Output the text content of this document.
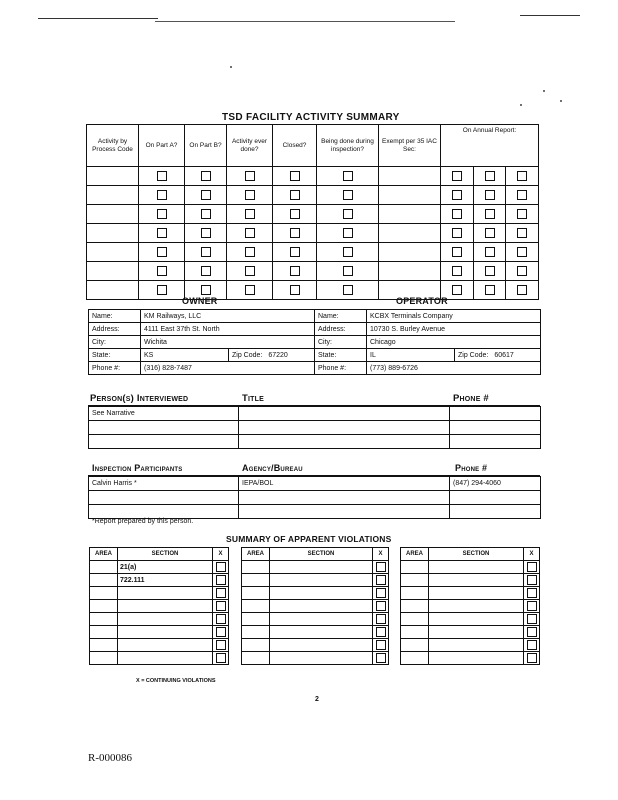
TSD FACILITY ACTIVITY SUMMARY
Activity by Process Code	On Part A?	On Part B?	Activity ever done?	Closed?	Being done during inspection?	Exempt per 35 IAC Sec:	On Annual Report:		

OWNER	OPERATOR
Name:	KM Railways, LLC	
Address:	4111 East 37th St. North	
City:	Wichita	
State:	KS	Zip Code: 67220
Phone #:	(316) 828-7487	
Name:	KCBX Terminals Company	
Address:	10730 S. Burley Avenue	
City:	Chicago	
State:	IL	Zip Code: 60617
Phone #:	(773) 889-6726	
Person(s) Interviewed	Title	Phone #
See Narrative		

Inspection Participants	Agency/Bureau	Phone #
Calvin Harris *	IEPA/BOL	(847) 294-4060

*Report prepared by this person.
SUMMARY OF APPARENT VIOLATIONS
AREA	SECTION	X
	21(a)	
	722.111	

AREA	SECTION	X

			AREA	SECTION	X

X = CONTINUING VIOLATIONS
2
R-000086
